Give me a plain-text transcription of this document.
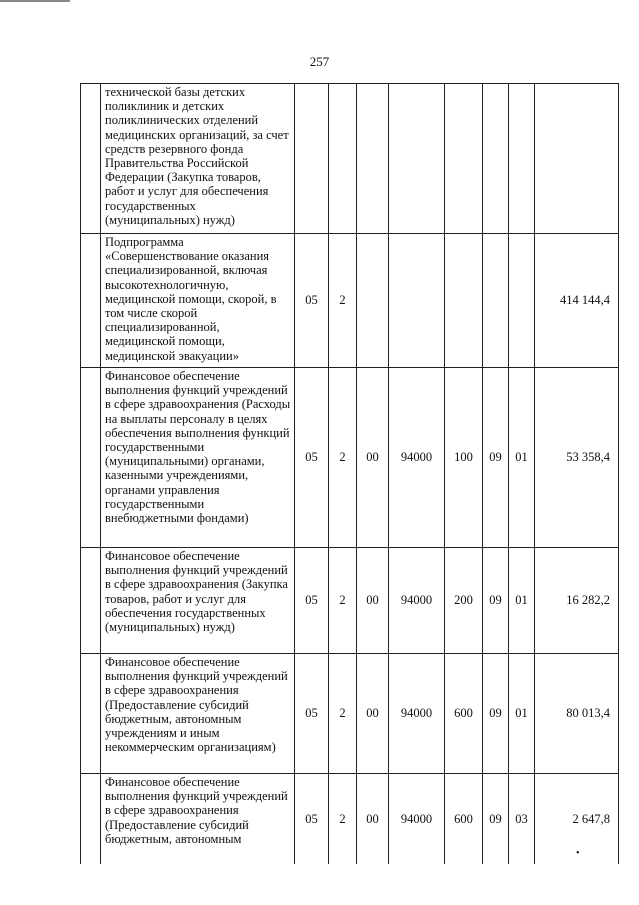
257
	технической базы детских поликлиник и детских поликлинических отделений медицинских организаций, за счет средств резервного фонда Правительства Российской Федерации (Закупка товаров, работ и услуг для обеспечения государственных (муниципальных) нужд)								
	Подпрограмма «Совершенствование оказания специализированной, включая высокотехнологичную, медицинской помощи, скорой, в том числе скорой специализированной, медицинской помощи, медицинской эвакуации»	05	2						414 144,4
	Финансовое обеспечение выполнения функций учреждений в сфере здравоохранения (Расходы на выплаты персоналу в целях обеспечения выполнения функций государственными (муниципальными) органами, казенными учреждениями, органами управления государственными внебюджетными фондами)	05	2	00	94000	100	09	01	53 358,4
	Финансовое обеспечение выполнения функций учреждений в сфере здравоохранения (Закупка товаров, работ и услуг для обеспечения государственных (муниципальных) нужд)	05	2	00	94000	200	09	01	16 282,2
	Финансовое обеспечение выполнения функций учреждений в сфере здравоохранения (Предоставление субсидий бюджетным, автономным учреждениям и иным некоммерческим организациям)	05	2	00	94000	600	09	01	80 013,4
	Финансовое обеспечение выполнения функций учреждений в сфере здравоохранения (Предоставление субсидий бюджетным, автономным	05	2	00	94000	600	09	03	2 647,8
•
